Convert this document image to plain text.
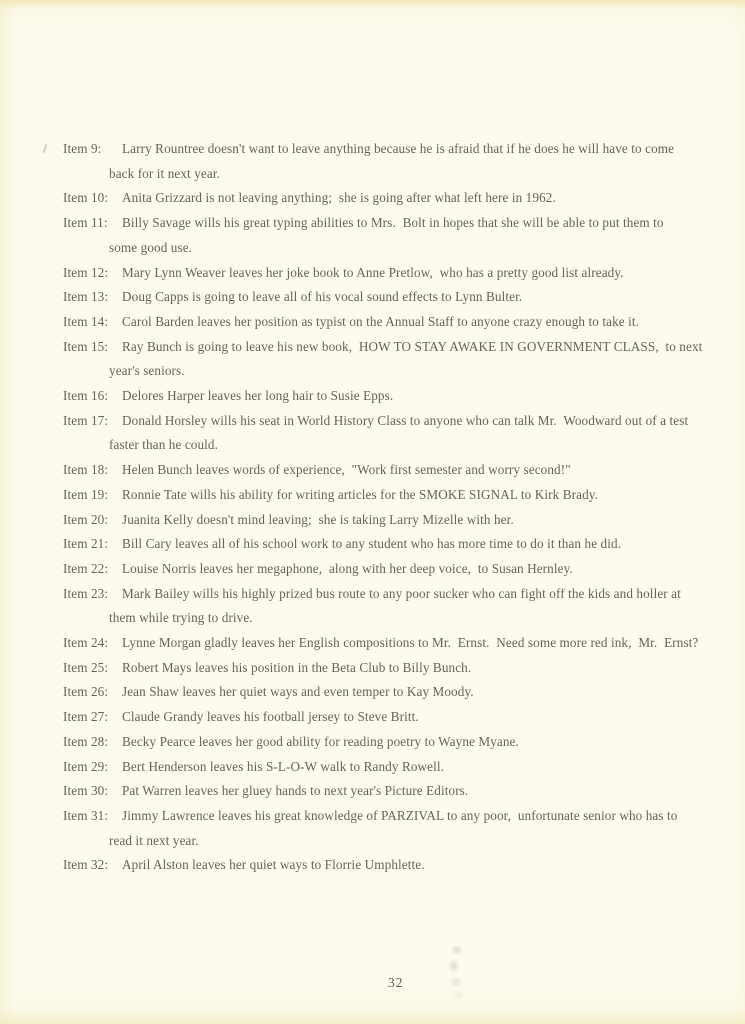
Item 9: Larry Rountree doesn't want to leave anything because he is afraid that if he does he will have to come
back for it next year.
Item 10: Anita Grizzard is not leaving anything;  she is going after what left here in 1962.
Item 11: Billy Savage wills his great typing abilities to Mrs.  Bolt in hopes that she will be able to put them to
some good use.
Item 12: Mary Lynn Weaver leaves her joke book to Anne Pretlow,  who has a pretty good list already.
Item 13: Doug Capps is going to leave all of his vocal sound effects to Lynn Bulter.
Item 14: Carol Barden leaves her position as typist on the Annual Staff to anyone crazy enough to take it.
Item 15: Ray Bunch is going to leave his new book,  HOW TO STAY AWAKE IN GOVERNMENT CLASS,  to next
year's seniors.
Item 16: Delores Harper leaves her long hair to Susie Epps.
Item 17: Donald Horsley wills his seat in World History Class to anyone who can talk Mr.  Woodward out of a test
faster than he could.
Item 18: Helen Bunch leaves words of experience,  "Work first semester and worry second!"
Item 19: Ronnie Tate wills his ability for writing articles for the SMOKE SIGNAL to Kirk Brady.
Item 20: Juanita Kelly doesn't mind leaving;  she is taking Larry Mizelle with her.
Item 21: Bill Cary leaves all of his school work to any student who has more time to do it than he did.
Item 22: Louise Norris leaves her megaphone,  along with her deep voice,  to Susan Hernley.
Item 23: Mark Bailey wills his highly prized bus route to any poor sucker who can fight off the kids and holler at
them while trying to drive.
Item 24: Lynne Morgan gladly leaves her English compositions to Mr.  Ernst.  Need some more red ink,  Mr.  Ernst?
Item 25: Robert Mays leaves his position in the Beta Club to Billy Bunch.
Item 26: Jean Shaw leaves her quiet ways and even temper to Kay Moody.
Item 27: Claude Grandy leaves his football jersey to Steve Britt.
Item 28: Becky Pearce leaves her good ability for reading poetry to Wayne Myane.
Item 29: Bert Henderson leaves his S-L-O-W walk to Randy Rowell.
Item 30: Pat Warren leaves her gluey hands to next year's Picture Editors.
Item 31: Jimmy Lawrence leaves his great knowledge of PARZIVAL to any poor,  unfortunate senior who has to
read it next year.
Item 32: April Alston leaves her quiet ways to Florrie Umphlette.
32
